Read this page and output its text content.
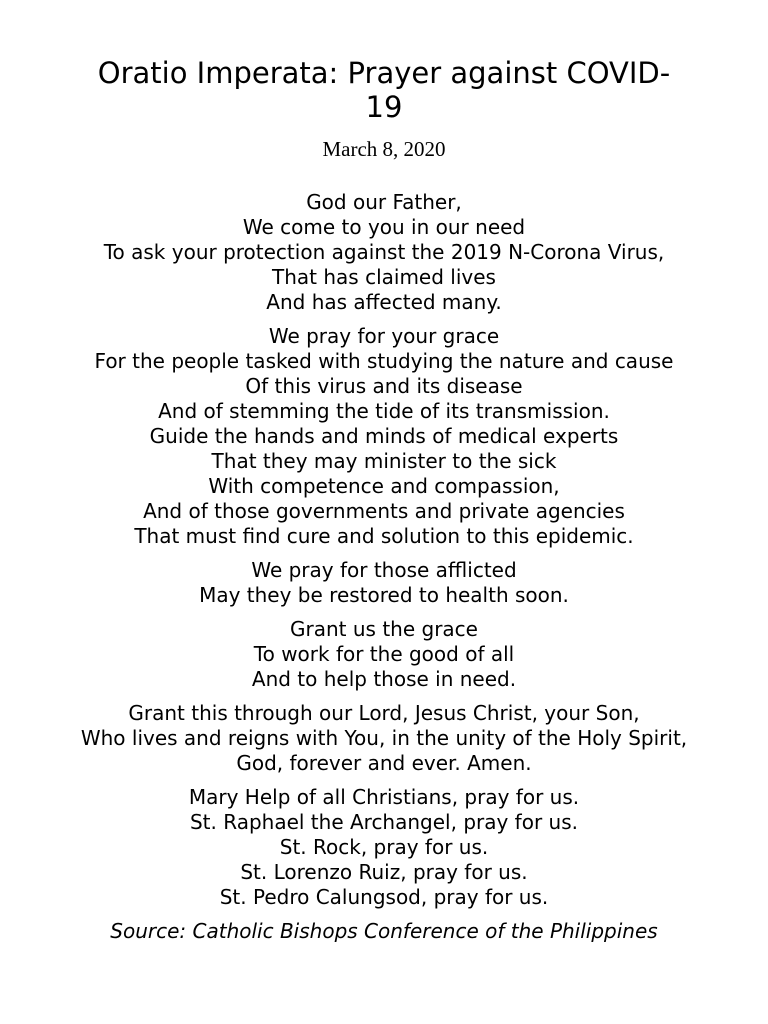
Oratio Imperata: Prayer against COVID-
19
March 8, 2020
God our Father,
We come to you in our need
To ask your protection against the 2019 N-Corona Virus,
That has claimed lives
And has affected many.
We pray for your grace
For the people tasked with studying the nature and cause
Of this virus and its disease
And of stemming the tide of its transmission.
Guide the hands and minds of medical experts
That they may minister to the sick
With competence and compassion,
And of those governments and private agencies
That must find cure and solution to this epidemic.
We pray for those afflicted
May they be restored to health soon.
Grant us the grace
To work for the good of all
And to help those in need.
Grant this through our Lord, Jesus Christ, your Son,
Who lives and reigns with You, in the unity of the Holy Spirit,
God, forever and ever. Amen.
Mary Help of all Christians, pray for us.
St. Raphael the Archangel, pray for us.
St. Rock, pray for us.
St. Lorenzo Ruiz, pray for us.
St. Pedro Calungsod, pray for us.
Source: Catholic Bishops Conference of the Philippines
